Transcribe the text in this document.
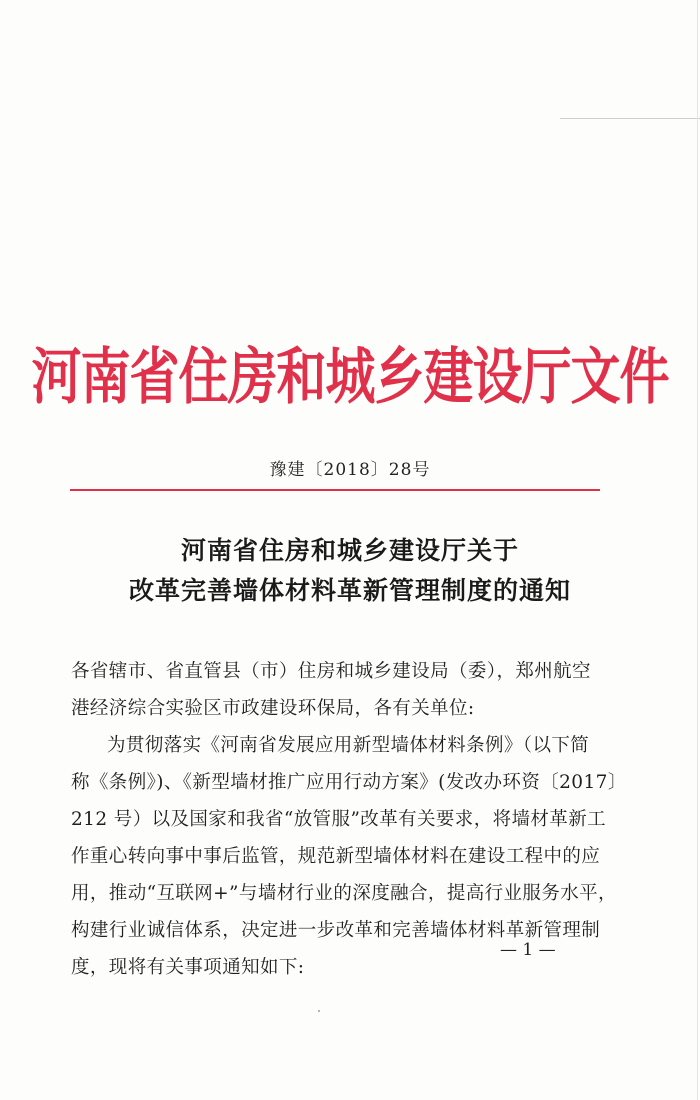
河南省住房和城乡建设厅文件
豫建〔2018〕28号
河南省住房和城乡建设厅关于
改革完善墙体材料革新管理制度的通知
各省辖市、省直管县（市）住房和城乡建设局（委），郑州航空
港经济综合实验区市政建设环保局，各有关单位:
为贯彻落实《河南省发展应用新型墙体材料条例》（以下简
称《条例》)、《新型墙材推广应用行动方案》(发改办环资〔2017〕
212 号）以及国家和我省“放管服”改革有关要求，将墙材革新工
作重心转向事中事后监管，规范新型墙体材料在建设工程中的应
用，推动“互联网+”与墙材行业的深度融合，提高行业服务水平，
构建行业诚信体系，决定进一步改革和完善墙体材料革新管理制
度，现将有关事项通知如下:
— 1 —
